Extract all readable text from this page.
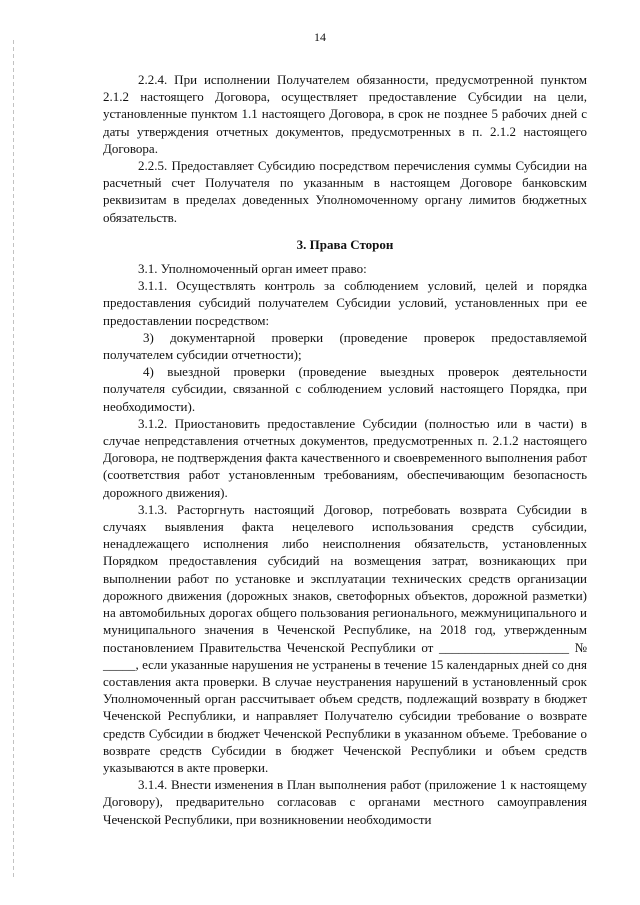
14

2.2.4. При исполнении Получателем обязанности, предусмотренной пунктом 2.1.2 настоящего Договора, осуществляет предоставление Субсидии на цели, установленные пунктом 1.1 настоящего Договора, в срок не позднее 5 рабочих дней с даты утверждения отчетных документов, предусмотренных в п. 2.1.2 настоящего Договора.

2.2.5. Предоставляет Субсидию посредством перечисления суммы Субсидии на расчетный счет Получателя по указанным в настоящем Договоре банковским реквизитам в пределах доведенных Уполномоченному органу лимитов бюджетных обязательств.

3. Права Сторон

3.1. Уполномоченный орган имеет право:

3.1.1. Осуществлять контроль за соблюдением условий, целей и порядка предоставления субсидий получателем Субсидии условий, установленных при ее предоставлении посредством:

3) документарной проверки (проведение проверок предоставляемой получателем субсидии отчетности);

4) выездной проверки (проведение выездных проверок деятельности получателя субсидии, связанной с соблюдением условий настоящего Порядка, при необходимости).

3.1.2. Приостановить предоставление Субсидии (полностью или в части) в случае непредставления отчетных документов, предусмотренных п. 2.1.2 настоящего Договора, не подтверждения факта качественного и своевременного выполнения работ (соответствия работ установленным требованиям, обеспечивающим безопасность дорожного движения).

3.1.3. Расторгнуть настоящий Договор, потребовать возврата Субсидии в случаях выявления факта нецелевого использования средств субсидии, ненадлежащего исполнения либо неисполнения обязательств, установленных Порядком предоставления субсидий на возмещения затрат, возникающих при выполнении работ по установке и эксплуатации технических средств организации дорожного движения (дорожных знаков, светофорных объектов, дорожной разметки) на автомобильных дорогах общего пользования регионального, межмуниципального и муниципального значения в Чеченской Республике, на 2018 год, утвержденным постановлением Правительства Чеченской Республики от ____________________ № _____, если указанные нарушения не устранены в течение 15 календарных дней со дня составления акта проверки. В случае неустранения нарушений в установленный срок Уполномоченный орган рассчитывает объем средств, подлежащий возврату в бюджет Чеченской Республики, и направляет Получателю субсидии требование о возврате средств Субсидии в бюджет Чеченской Республики в указанном объеме. Требование о возврате средств Субсидии в бюджет Чеченской Республики и объем средств указываются в акте проверки.

3.1.4. Внести изменения в План выполнения работ (приложение 1 к настоящему Договору), предварительно согласовав с органами местного самоуправления Чеченской Республики, при возникновении необходимости
